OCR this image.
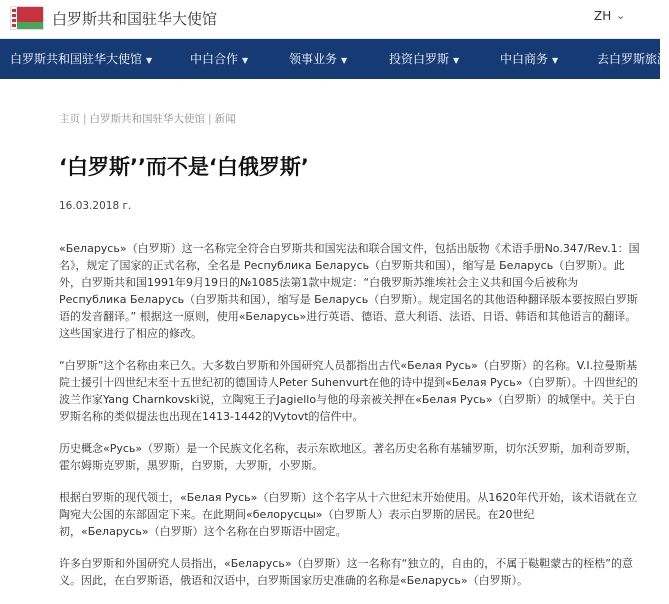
白罗斯共和国驻华大使馆	ZH ⌄
白罗斯共和国驻华大使馆 ▼	中白合作 ▼	领事业务 ▼	投资白罗斯 ▼	中白商务 ▼	去白罗斯旅游
主页 | 白罗斯共和国驻华大使馆 | 新闻
‘白罗斯’’而不是‘白俄罗斯’
16.03.2018 г.

«Беларусь»（白罗斯）这一名称完全符合白罗斯共和国宪法和联合国文件，包括出版物《术语手册No.347/Rev.1：国名》，规定了国家的正式名称，全名是 Республика Беларусь（白罗斯共和国），缩写是 Беларусь（白罗斯）。此外，白罗斯共和国1991年9月19日的№1085法第1款中规定：“白俄罗斯苏维埃社会主义共和国今后被称为Республика Беларусь（白罗斯共和国），缩写是 Беларусь（白罗斯）。规定国名的其他语种翻译版本要按照白罗斯语的发音翻译。” 根据这一原则，使用«Беларусь»进行英语、德语、意大利语、法语、日语、韩语和其他语言的翻译。这些国家进行了相应的修改。

“白罗斯”这个名称由来已久。大多数白罗斯和外国研究人员都指出古代«Белая Русь»（白罗斯）的名称。V.I.拉曼斯基院士援引十四世纪末至十五世纪初的德国诗人Peter Suhenvurt在他的诗中提到«Белая Русь»（白罗斯）。十四世纪的波兰作家Yang Charnkovski说，立陶宛王子Jagiello与他的母亲被关押在«Белая Русь»（白罗斯）的城堡中。关于白罗斯名称的类似提法也出现在1413-1442的Vytovt的信件中。

历史概念«Русь»（罗斯）是一个民族文化名称，表示东欧地区。著名历史名称有基辅罗斯，切尔沃罗斯，加利奇罗斯，霍尔姆斯克罗斯，黑罗斯，白罗斯，大罗斯，小罗斯。

根据白罗斯的现代领士，«Белая Русь»（白罗斯）这个名字从十六世纪末开始使用。从1620年代开始，该术语就在立陶宛大公国的东部固定下来。在此期间«белорусцы»（白罗斯人）表示白罗斯的居民。在20世纪初，«Беларусь»（白罗斯）这个名称在白罗斯语中固定。

许多白罗斯和外国研究人员指出，«Беларусь»（白罗斯）这一名称有“独立的，自由的，不属于鞑靼蒙古的桎梏”的意义。因此，在白罗斯语，俄语和汉语中，白罗斯国家历史准确的名称是«Беларусь»（白罗斯）。
